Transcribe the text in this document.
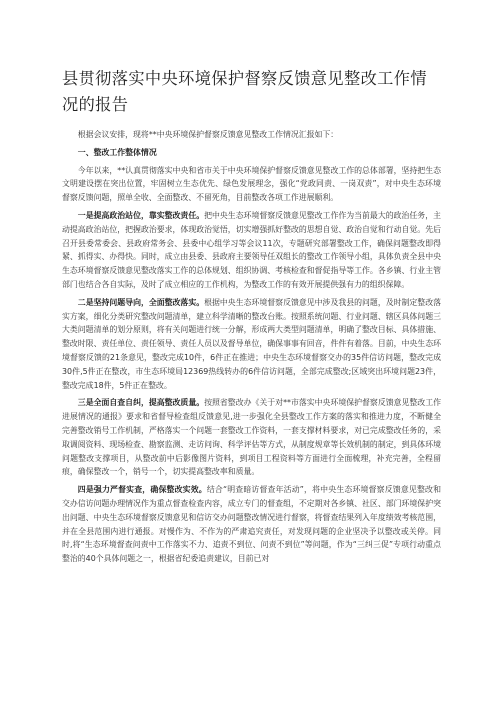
县贯彻落实中央环境保护督察反馈意见整改工作情况的报告

根据会议安排，现将**中央环境保护督察反馈意见整改工作情况汇报如下：

一、整改工作整体情况

今年以来，**认真贯彻落实中央和省市关于中央环境保护督察反馈意见整改工作的总体部署，坚持把生态文明建设摆在突出位置，牢固树立生态优先、绿色发展理念，强化“党政同责、一岗双责”，对中央生态环境督察反馈问题，照单全收、全面整改、不留死角，目前整改各项工作进展顺利。

一是提高政治站位，靠实整改责任。把中央生态环境督察反馈意见整改工作作为当前最大的政治任务，主动提高政治站位，把握政治要求，体现政治觉悟，切实增强抓好整改的思想自觉、政治自觉和行动自觉。先后召开县委常委会、县政府常务会、县委中心组学习等会议11次，专题研究部署整改工作，确保问题整改即得紧、抓得实、办得快。同时，成立由县委、县政府主要领导任双组长的整改工作领导小组，具体负责全县中央生态环境督察反馈意见整改落实工作的总体规划、组织协调、考核检查和督促指导等工作。各乡镇、行业主管部门也结合各自实际，及时了成立相应的工作机构，为整改工作的有效开展提供强有力的组织保障。

二是坚持问题导向，全面整改落实。根据中央生态环境督察反馈意见中涉及我县的问题，及时制定整改落实方案，细化分类研究整改问题清单，建立科学清晰的整改台账。按照系统问题、行业问题、辖区具体问题三大类问题清单的划分原则，将有关问题进行统一分解，形成两大类型问题清单，明确了整改目标、具体措施、整改时限、责任单位、责任领导、责任人员以及督导单位，确保事事有回音，件件有着落。目前，中央生态环境督察反馈的21条意见，整改完成10件，6件正在推进；中央生态环境督察交办的35件信访问题，整改完成30件,5件正在整改，市生态环境局12369热线转办的6件信访问题，全部完成整改;区域突出环境问题23件，整改完成18件，5件正在整改。

三是全面自查自纠，提高整改质量。按照省整改办《关于对**市落实中央环境保护督察反馈意见整改工作进展情况的通报》要求和省督导检查组反馈意见,进一步强化全县整改工作方案的落实和推进力度，不断健全完善整改销号工作机制，严格落实一个问题一套整改工作资料，一套支撑材料要求，对已完成整改任务的，采取调阅资料、现场检查、勘察监测、走访问询、科学评估等方式，从制度规章等长效机制的制定，到具体环境问题整改支撑项目，从整改前中后影像图片资料，到项目工程资料等方面进行全面梳理，补充完善，全程留痕，确保整改一个，销号一个，切实提高整改率和质量。

四是强力严督实查，确保整改实效。结合“明查暗访督查年活动”，将中央生态环境督察反馈意见整改和交办信访问题办理情况作为重点督查检查内容，成立专门的督查组，不定期对各乡镇、社区、部门环境保护突出问题、中央生态环境督察反馈意见和信访交办问题整改情况进行督察，将督查结果列入年度绩效考核范围，并在全县范围内进行通报。对慢作为、不作为的严肃追究责任，对发现问题的企业坚决予以整改或关停。同时,将“生态环境督查问责中工作落实不力、追责不到位、问责不到位”等问题，作为“三纠三促”专项行动重点整治的40个具体问题之一，根据省纪委追责建议，目前已对
